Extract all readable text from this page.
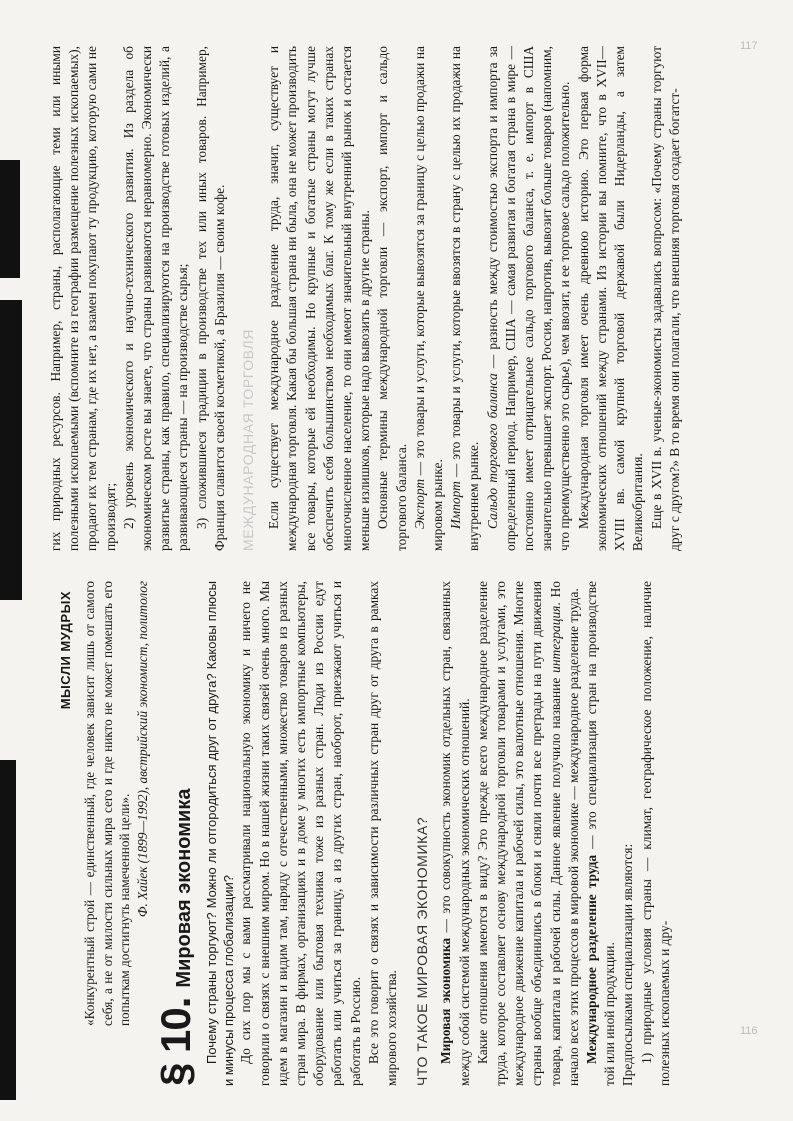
116
117
МЫСЛИ МУДРЫХ «Конкурентный строй — единственный, где человек зависит лишь от самого себя, а не от милости сильных мира сего и где никто не может помешать его попыткам достигнуть намеченной цели». Ф. Хайек (1899—1992), австрийский экономист, политолог
§ 10.
Мировая экономика Почему страны торгуют? Можно ли отгородиться друг от друга? Каковы плюсы и минусы процесса глобализации? До сих пор мы с вами рассматривали национальную экономику и ничего не говорили о связях с внешним миром. Но в нашей жизни таких связей очень много. Мы идем в магазин и видим там, наряду с отечественными, множество товаров из разных стран мира. В фирмах, организациях и в доме у многих есть импортные компьютеры, оборудование или бытовая техника тоже из разных стран. Люди из России едут работать или учиться за границу, а из других стран, наоборот, приезжают учиться и работать в Россию. Все это говорит о связях и зависимости различных стран друг от друга в рамках мирового хозяйства. ЧТО ТАКОЕ МИРОВАЯ ЭКОНОМИКА? Мировая экономика — это совокупность экономик отдельных стран, связанных между собой системой международных экономических отношений. Какие отношения имеются в виду? Это прежде всего международное разделение труда, которое составляет основу международной торговли товарами и услугами, это международное движение капитала и рабочей силы, это валютные отношения. Многие страны вообще объединились в блоки и сняли почти все преграды на пути движения товара, капитала и рабочей силы. Данное явление получило название интеграция. Но начало всех этих процессов в мировой экономике — международное разделение труда. Международное разделение труда — это специализация стран на производстве той или иной продукции. Предпосылками специализации являются: 1) природные условия страны — климат, географическое положение, наличие полезных ископаемых и дру-

гих природных ресурсов. Например, страны, располагающие теми или иными полезными ископаемыми (вспомните из географии размещение полезных ископаемых), продают их тем странам, где их нет, а взамен покупают ту продукцию, которую сами не производят; 2) уровень экономического и научно-технического развития. Из раздела об экономическом росте вы знаете, что страны развиваются неравномерно. Экономически развитые страны, как правило, специализируются на производстве готовых изделий, а развивающиеся страны — на производстве сырья; 3) сложившиеся традиции в производстве тех или иных товаров. Например, Франция славится своей косметикой, а Бразилия — своим кофе. МЕЖДУНАРОДНАЯ ТОРГОВЛЯ Если существует международное разделение труда, значит, существует и международная торговля. Какая бы большая страна ни была, она не может производить все товары, которые ей необходимы. Но крупные и богатые страны могут лучше обеспечить себя большинством необходимых благ. К тому же если в таких странах многочисленное население, то они имеют значительный внутренний рынок и остается меньше излишков, которые надо вывозить в другие страны. Основные термины международной торговли — экспорт, импорт и сальдо торгового баланса. Экспорт — это товары и услуги, которые вывозятся за границу с целью продажи на мировом рынке. Импорт — это товары и услуги, которые ввозятся в страну с целью их продажи на внутреннем рынке. Сальдо торгового баланса — разность между стоимостью экспорта и импорта за определенный период. Например, США — самая развитая и богатая страна в мире — постоянно имеет отрицательное сальдо торгового баланса, т. е. импорт в США значительно превышает экспорт. Россия, напротив, вывозит больше товаров (напомним, что преимущественно это сырье), чем ввозит, и ее торговое сальдо положительно. Международная торговля имеет очень древнюю историю. Это первая форма экономических отношений между странами. Из истории вы помните, что в XVII—XVIII вв. самой крупной торговой державой были Нидерланды, а затем Великобритания. Еще в XVII в. ученые-экономисты задавались вопросом: «Почему страны торгуют друг с другом?» В то время они полагали, что внешняя торговля создает богатст-
